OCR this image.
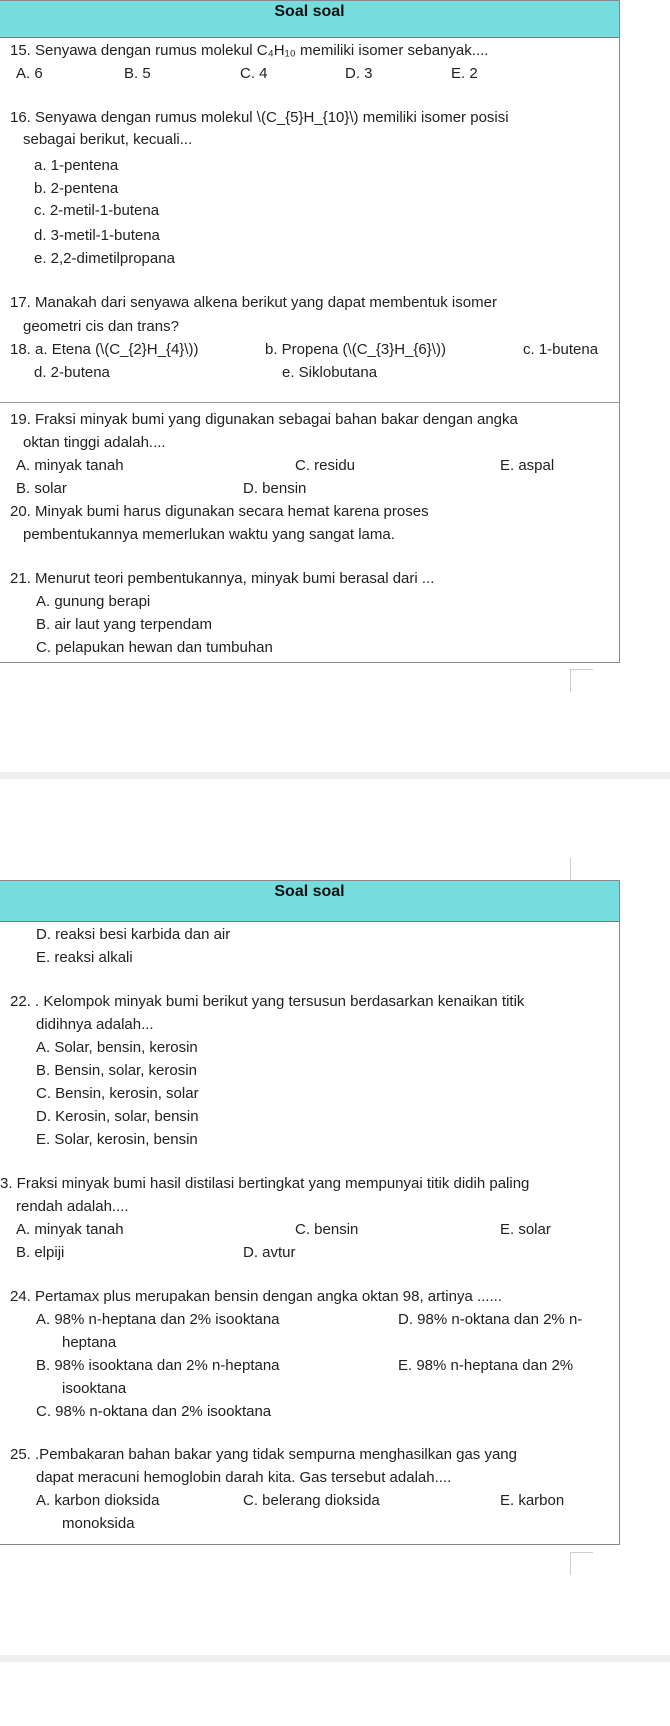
Soal soal
15. Senyawa dengan rumus molekul C₄H₁₀ memiliki isomer sebanyak....
A. 6	B. 5	C. 4	D. 3	E. 2
16. Senyawa dengan rumus molekul \(C_{5}H_{10}\) memiliki isomer posisi
sebagai berikut, kecuali...
a. 1-pentena
b. 2-pentena
c. 2-metil-1-butena
d. 3-metil-1-butena
e. 2,2-dimetilpropana
17. Manakah dari senyawa alkena berikut yang dapat membentuk isomer
geometri cis dan trans?
18. a. Etena (\(C_{2}H_{4}\))	b. Propena (\(C_{3}H_{6}\))	c. 1-butena
d. 2-butena	e. Siklobutana
19. Fraksi minyak bumi yang digunakan sebagai bahan bakar dengan angka
oktan tinggi adalah....
A. minyak tanah	C. residu	E. aspal
B. solar	D. bensin
20. Minyak bumi harus digunakan secara hemat karena proses
pembentukannya memerlukan waktu yang sangat lama.
21. Menurut teori pembentukannya, minyak bumi berasal dari ...
A. gunung berapi
B. air laut yang terpendam
C. pelapukan hewan dan tumbuhan
Soal soal
D. reaksi besi karbida dan air
E. reaksi alkali
22. . Kelompok minyak bumi berikut yang tersusun berdasarkan kenaikan titik
didihnya adalah...
A. Solar, bensin, kerosin
B. Bensin, solar, kerosin
C. Bensin, kerosin, solar
D. Kerosin, solar, bensin
E. Solar, kerosin, bensin
3. Fraksi minyak bumi hasil distilasi bertingkat yang mempunyai titik didih paling
rendah adalah....
A. minyak tanah	C. bensin	E. solar
B. elpiji	D. avtur
24. Pertamax plus merupakan bensin dengan angka oktan 98, artinya ......
A. 98% n-heptana dan 2% isooktana	D. 98% n-oktana dan 2% n-
heptana
B. 98% isooktana dan 2% n-heptana	E. 98% n-heptana dan 2%
isooktana
C. 98% n-oktana dan 2% isooktana
25. .Pembakaran bahan bakar yang tidak sempurna menghasilkan gas yang
dapat meracuni hemoglobin darah kita. Gas tersebut adalah....
A. karbon dioksida	C. belerang dioksida	E. karbon
monoksida
